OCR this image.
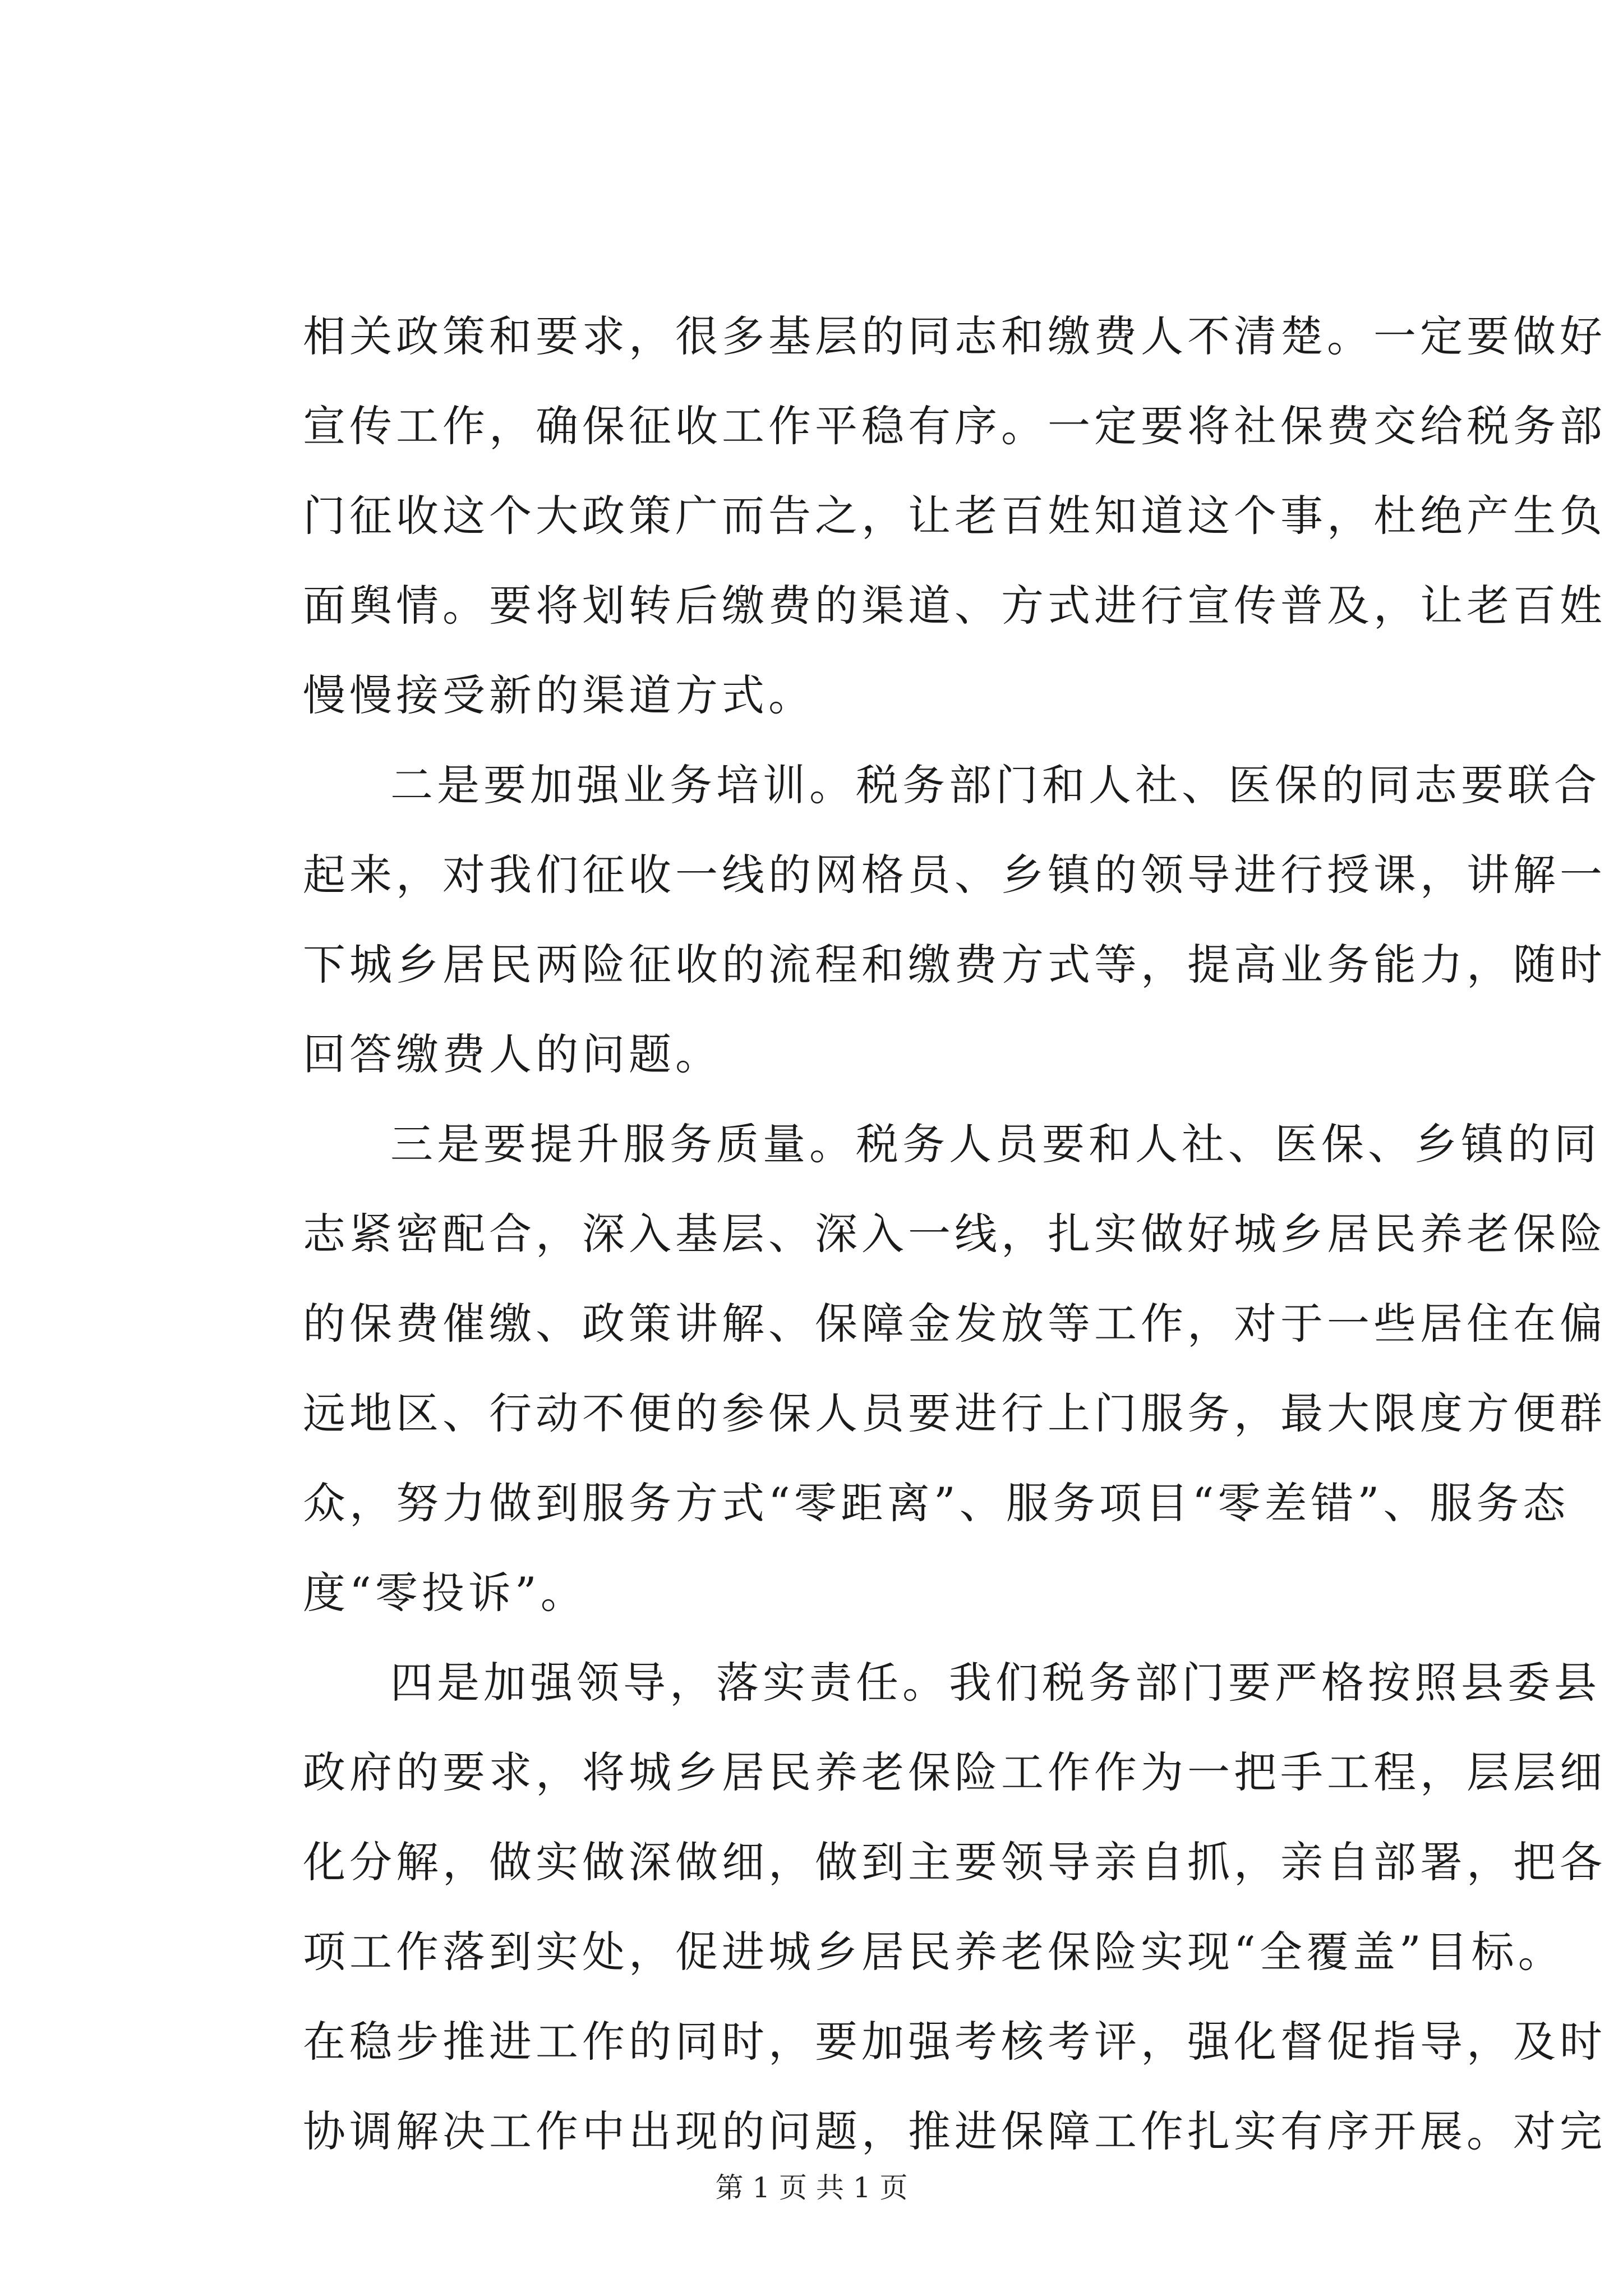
相关政策和要求，很多基层的同志和缴费人不清楚。一定要做好
宣传工作，确保征收工作平稳有序。一定要将社保费交给税务部
门征收这个大政策广而告之，让老百姓知道这个事，杜绝产生负
面舆情。要将划转后缴费的渠道、方式进行宣传普及，让老百姓
慢慢接受新的渠道方式。
二是要加强业务培训。税务部门和人社、医保的同志要联合
起来，对我们征收一线的网格员、乡镇的领导进行授课，讲解一
下城乡居民两险征收的流程和缴费方式等，提高业务能力，随时
回答缴费人的问题。
三是要提升服务质量。税务人员要和人社、医保、乡镇的同
志紧密配合，深入基层、深入一线，扎实做好城乡居民养老保险
的保费催缴、政策讲解、保障金发放等工作，对于一些居住在偏
远地区、行动不便的参保人员要进行上门服务，最大限度方便群
众，努力做到服务方式“零距离”、服务项目“零差错”、服务态
度“零投诉”。
四是加强领导，落实责任。我们税务部门要严格按照县委县
政府的要求，将城乡居民养老保险工作作为一把手工程，层层细
化分解，做实做深做细，做到主要领导亲自抓，亲自部署，把各
项工作落到实处，促进城乡居民养老保险实现“全覆盖”目标。
在稳步推进工作的同时，要加强考核考评，强化督促指导，及时
协调解决工作中出现的问题，推进保障工作扎实有序开展。对完
第 1 页 共 1 页
